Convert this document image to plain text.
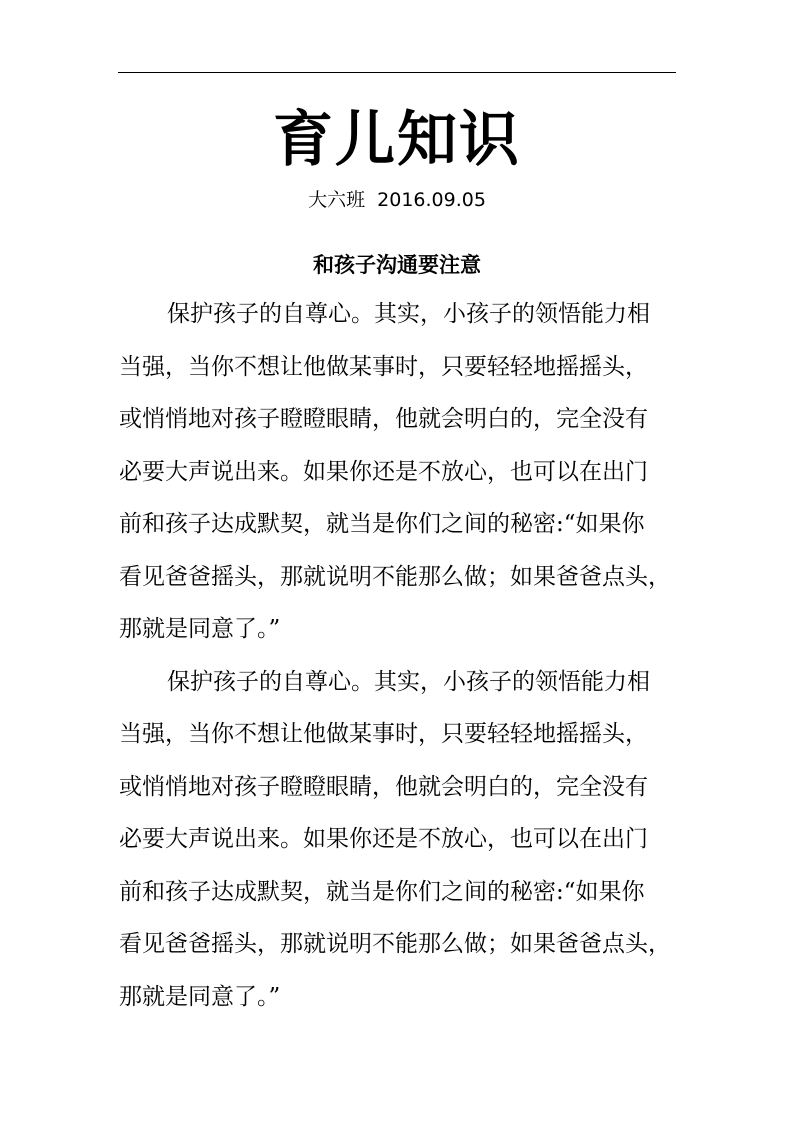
育儿知识
大六班  2016.09.05
和孩子沟通要注意
保护孩子的自尊心。其实，小孩子的领悟能力相
当强，当你不想让他做某事时，只要轻轻地摇摇头，
或悄悄地对孩子瞪瞪眼睛，他就会明白的，完全没有
必要大声说出来。如果你还是不放心，也可以在出门
前和孩子达成默契，就当是你们之间的秘密:“如果你
看见爸爸摇头，那就说明不能那么做；如果爸爸点头，
那就是同意了。”
保护孩子的自尊心。其实，小孩子的领悟能力相
当强，当你不想让他做某事时，只要轻轻地摇摇头，
或悄悄地对孩子瞪瞪眼睛，他就会明白的，完全没有
必要大声说出来。如果你还是不放心，也可以在出门
前和孩子达成默契，就当是你们之间的秘密:“如果你
看见爸爸摇头，那就说明不能那么做；如果爸爸点头，
那就是同意了。”
